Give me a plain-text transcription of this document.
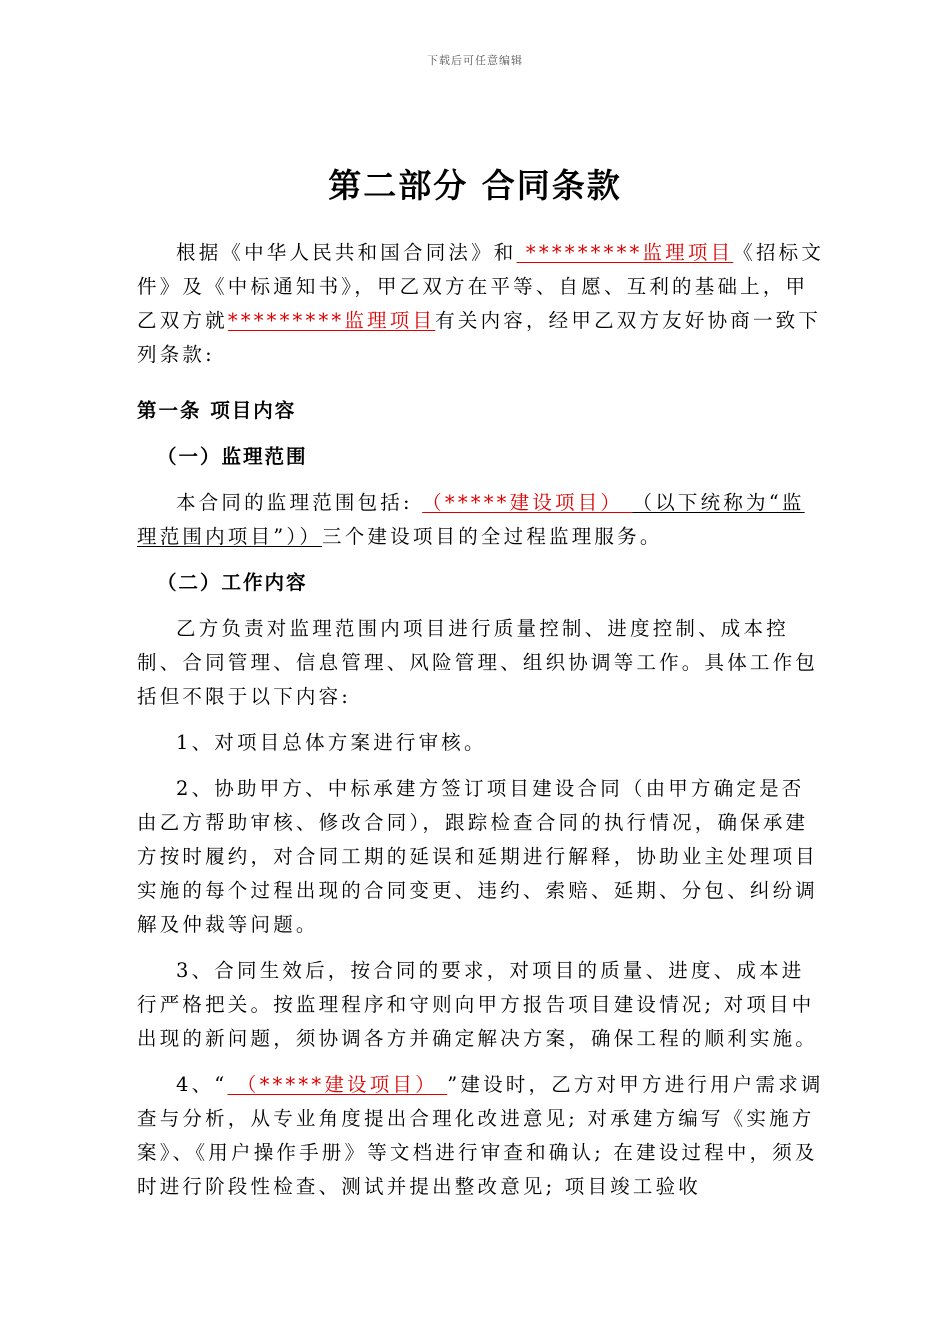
下载后可任意编辑
第二部分 合同条款

根据《中华人民共和国合同法》和 *********监理项目《招标文件》及《中标通知书》，甲乙双方在平等、自愿、互利的基础上，甲乙双方就*********监理项目有关内容，经甲乙双方友好协商一致下列条款:

第一条 项目内容

（一）监理范围

本合同的监理范围包括: （*****建设项目） （以下统称为“监理范围内项目”））三个建设项目的全过程监理服务。

（二）工作内容

乙方负责对监理范围内项目进行质量控制、进度控制、成本控制、合同管理、信息管理、风险管理、组织协调等工作。具体工作包括但不限于以下内容:

1、对项目总体方案进行审核。

2、协助甲方、中标承建方签订项目建设合同（由甲方确定是否由乙方帮助审核、修改合同），跟踪检查合同的执行情况，确保承建方按时履约，对合同工期的延误和延期进行解释，协助业主处理项目实施的每个过程出现的合同变更、违约、索赔、延期、分包、纠纷调解及仲裁等问题。

3、合同生效后，按合同的要求，对项目的质量、进度、成本进行严格把关。按监理程序和守则向甲方报告项目建设情况; 对项目中出现的新问题，须协调各方并确定解决方案，确保工程的顺利实施。

4、“ （*****建设项目） ”建设时，乙方对甲方进行用户需求调查与分析，从专业角度提出合理化改进意见; 对承建方编写《实施方案》、《用户操作手册》等文档进行审查和确认; 在建设过程中，须及时进行阶段性检查、测试并提出整改意见; 项目竣工验收
